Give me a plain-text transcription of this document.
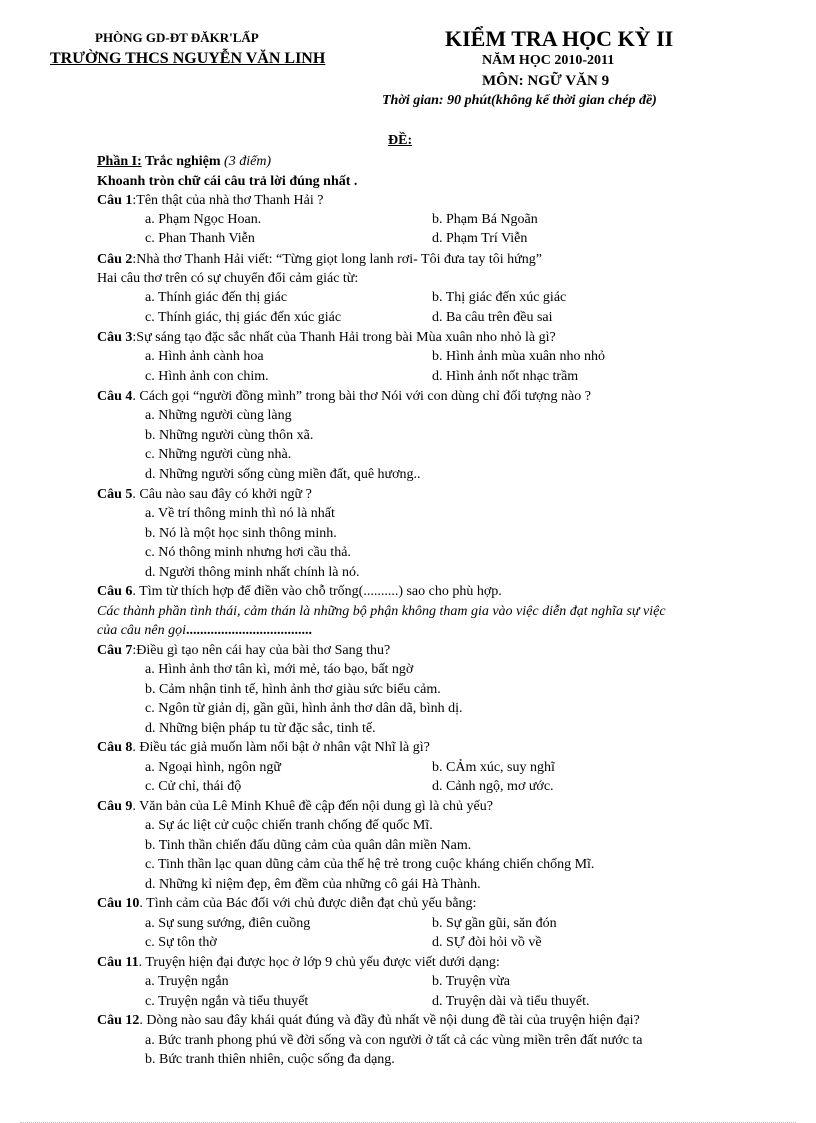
PHÒNG GD-ĐT ĐĂKR'LẤP
TRƯỜNG THCS NGUYỄN VĂN LINH
KIỂM TRA HỌC KỲ II
NĂM HỌC 2010-2011
MÔN: NGỮ VĂN 9
Thời gian: 90 phút(không kể thời gian chép đề)
ĐỀ:
Phần I: Trắc nghiệm (3 điểm)
Khoanh tròn chữ cái câu trả lời đúng nhất .
Câu 1:Tên thật của nhà thơ Thanh Hải ?
a. Phạm Ngọc Hoan.	b. Phạm Bá Ngoãn
c. Phan Thanh Viễn	d. Phạm Trí Viễn
Câu 2:Nhà thơ Thanh Hải viết: “Từng giọt long lanh rơi- Tôi đưa tay tôi hứng”
Hai câu thơ trên có sự chuyển đổi cảm giác từ:
a. Thính giác đến thị giác	b. Thị giác đến xúc giác
c. Thính giác, thị giác đến xúc giác	d. Ba câu trên đều sai
Câu 3:Sự sáng tạo đặc sắc nhất của Thanh Hải trong bài Mùa xuân nho nhỏ là gì?
a. Hình ảnh cành hoa	b. Hình ảnh mùa xuân nho nhỏ
c. Hình ảnh con chim.	d. Hình ảnh nốt nhạc trầm
Câu 4. Cách gọi “người đồng mình” trong bài thơ Nói với con dùng chỉ đối tượng nào ?
a. Những người cùng làng
b. Những người cùng thôn xã.
c. Những người cùng nhà.
d. Những người sống cùng miền đất, quê hương..
Câu 5. Câu nào sau đây có khởi ngữ ?
a. Về trí thông minh thì nó là nhất
b. Nó là một học sinh thông minh.
c. Nó thông minh nhưng hơi cầu thả.
d. Người thông minh nhất chính là nó.
Câu 6. Tìm từ thích hợp để điền vào chỗ trống(..........) sao cho phù hợp.
Các thành phần tình thái, cảm thán là những bộ phận không tham gia vào việc diễn đạt nghĩa sự việc
của câu nên gọi....................................
Câu 7:Điều gì tạo nên cái hay của bài thơ Sang thu?
a. Hình ảnh thơ tân kì, mới mẻ, táo bạo, bất ngờ
b. Cảm nhận tinh tế, hình ảnh thơ giàu sức biểu cảm.
c. Ngôn từ giản dị, gần gũi, hình ảnh thơ dân dã, bình dị.
d. Những biện pháp tu từ đặc sắc, tinh tế.
Câu 8. Điều tác giả muốn làm nổi bật ở nhân vật Nhĩ là gì?
a. Ngoại hình, ngôn ngữ	b. CẢm xúc, suy nghĩ
c. Cử chỉ, thái độ	d. Cảnh ngộ, mơ ước.
Câu 9. Văn bản của Lê Minh Khuê đề cập đến nội dung gì là chủ yếu?
a. Sự ác liệt cử cuộc chiến tranh chống đế quốc Mĩ.
b. Tinh thần chiến đấu dũng cảm của quân dân miền Nam.
c. Tinh thần lạc quan dũng cảm của thế hệ trẻ trong cuộc kháng chiến chống Mĩ.
d. Những kỉ niệm đẹp, êm đềm của những cô gái Hà Thành.
Câu 10. Tình cảm của Bác đối với chủ được diễn đạt chủ yếu bằng:
a. Sự sung sướng, điên cuồng	b. Sự gần gũi, săn đón
c. Sự tôn thờ	d. SỰ đòi hỏi vồ về
Câu 11. Truyện hiện đại được học ở lớp 9 chủ yếu được viết dưới dạng:
a. Truyện ngắn	b. Truyện vừa
c. Truyện ngắn và tiểu thuyết	d. Truyện dài và tiểu thuyết.
Câu 12. Dòng nào sau đây khái quát đúng và đầy đủ nhất về nội dung đề tài của truyện hiện đại?
a. Bức tranh phong phú về đời sống và con người ở tất cả các vùng miền trên đất nước ta
b. Bức tranh thiên nhiên, cuộc sống đa dạng.
